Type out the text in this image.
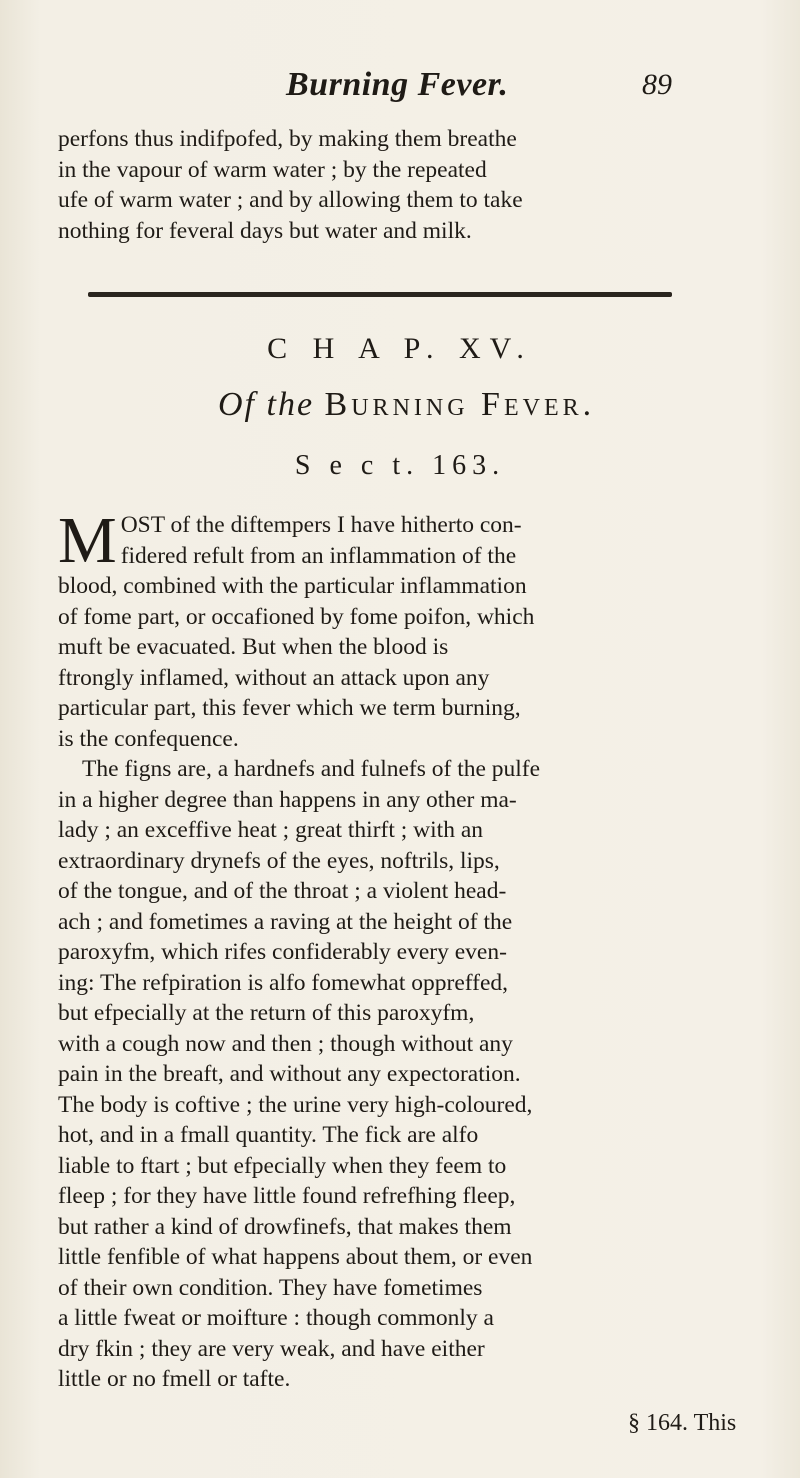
Burning Fever.	89
perfons thus indifpofed, by making them breathe
in the vapour of warm water ; by the repeated
ufe of warm water ; and by allowing them to take
nothing for feveral days but water and milk.
C H A P. XV.
Of the Burning Fever.
S e c t. 163.
M OST of the diftempers I have hitherto con-
fidered refult from an inflammation of the
blood, combined with the particular inflammation
of fome part, or occafioned by fome poifon, which
muft be evacuated. But when the blood is
ftrongly inflamed, without an attack upon any
particular part, this fever which we term burning,
is the confequence.
The figns are, a hardnefs and fulnefs of the pulfe
in a higher degree than happens in any other ma-
lady ; an exceffive heat ; great thirft ; with an
extraordinary drynefs of the eyes, noftrils, lips,
of the tongue, and of the throat ; a violent head-
ach ; and fometimes a raving at the height of the
paroxyfm, which rifes confiderably every even-
ing: The refpiration is alfo fomewhat oppreffed,
but efpecially at the return of this paroxyfm,
with a cough now and then ; though without any
pain in the breaft, and without any expectoration.
The body is coftive ; the urine very high-coloured,
hot, and in a fmall quantity. The fick are alfo
liable to ftart ; but efpecially when they feem to
fleep ; for they have little found refrefhing fleep,
but rather a kind of drowfinefs, that makes them
little fenfible of what happens about them, or even
of their own condition. They have fometimes
a little fweat or moifture : though commonly a
dry fkin ; they are very weak, and have either
little or no fmell or tafte.
§ 164. This
